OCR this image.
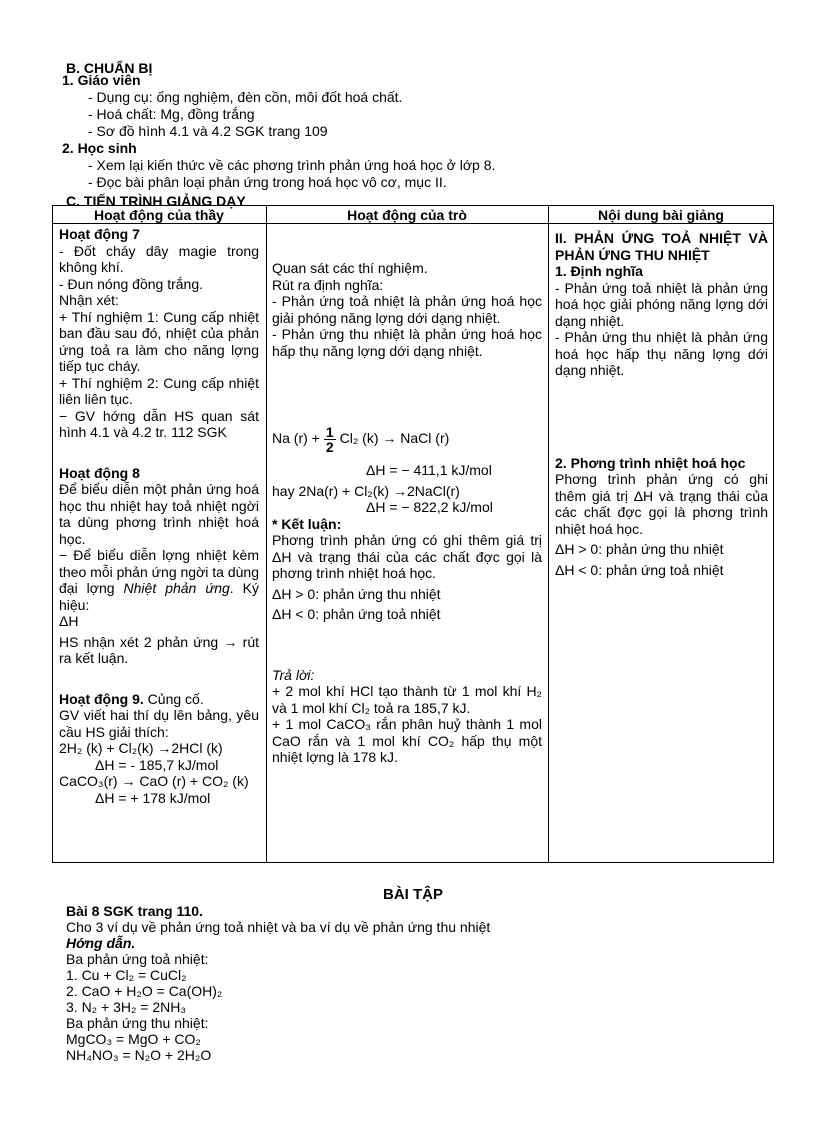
B. CHUẨN BỊ
1. Giáo viên
- Dụng cụ: ống nghiệm, đèn cồn, môi đốt hoá chất.
- Hoá chất: Mg, đồng trắng
- Sơ đồ hình 4.1 và 4.2 SGK trang 109
2. Học sinh
- Xem lại kiến thức về các phơng trình phản ứng hoá học ở lớp 8.
- Đọc bài phân loại phản ứng trong hoá học vô cơ, mục II.
C. TIẾN TRÌNH GIẢNG DẠY
Hoạt động của thầy	Hoạt động của trò	Nội dung bài giảng

Hoạt động 7

- Đốt cháy dây magie trong không khí.

- Đun nóng đồng trắng.

Nhận xét:

+ Thí nghiệm 1: Cung cấp nhiệt ban đầu sau đó, nhiệt của phản ứng toả ra làm cho năng lợng tiếp tục cháy.

+ Thí nghiệm 2: Cung cấp nhiệt liên liên tục.

− GV hớng dẫn HS quan sát hình 4.1 và 4.2 tr. 112 SGK

Hoạt động 8

Để biểu diễn một phản ứng hoá học thu nhiệt hay toả nhiệt ngời ta dùng phơng trình nhiệt hoá học.

− Để biểu diễn lợng nhiệt kèm theo mỗi phản ứng ngời ta dùng đại lợng Nhiệt phản ứng. Ký hiệu:

ΔH

HS nhận xét 2 phản ứng → rút ra kết luận.

Hoạt động 9. Củng cố.

GV viết hai thí dụ lên bảng, yêu cầu HS giải thích:

2H₂ (k) + Cl₂(k) →2HCl (k)

ΔH = - 185,7 kJ/mol

CaCO₃(r) → CaO (r) + CO₂ (k)

ΔH = + 178 kJ/mol

Quan sát các thí nghiệm.

Rút ra định nghĩa:

- Phản ứng toả nhiệt là phản ứng hoá học giải phóng năng lợng dới dạng nhiệt.

- Phản ứng thu nhiệt là phản ứng hoá học hấp thụ năng lợng dới dạng nhiệt.

Na $(r) + \frac{1}{2} Cl_2$ (k) → NaCl (r)

ΔH = − 411,1 kJ/mol

hay 2Na(r) + Cl₂(k) →2NaCl(r)

ΔH = − 822,2 kJ/mol

* Kết luận:

Phơng trình phản ứng có ghi thêm giá trị ΔH và trạng thái của các chất đợc gọi là phơng trình nhiệt hoá học.

ΔH > 0: phản ứng thu nhiệt

ΔH < 0: phản ứng toả nhiệt

Trả lời:

+ 2 mol khí HCl tạo thành từ 1 mol khí H₂ và 1 mol khí Cl₂ toả ra 185,7 kJ.

+ 1 mol CaCO₃ rắn phân huỷ thành 1 mol CaO rắn và 1 mol khí CO₂ hấp thụ một nhiệt lợng là 178 kJ.

II. PHẢN ỨNG TOẢ NHIỆT VÀ PHẢN ỨNG THU NHIỆT

1. Định nghĩa

- Phản ứng toả nhiệt là phản ứng hoá học giải phóng năng lợng dới dạng nhiệt.

- Phản ứng thu nhiệt là phản ứng hoá học hấp thụ năng lợng dới dạng nhiệt.

2. Phơng trình nhiệt hoá học

Phơng trình phản ứng có ghi thêm giá trị ΔH và trạng thái của các chất đợc gọi là phơng trình nhiệt hoá học.

ΔH > 0: phản ứng thu nhiệt

ΔH < 0: phản ứng toả nhiệt

BÀI TẬP
Bài 8 SGK trang 110.
Cho 3 ví dụ về phản ứng toả nhiệt và ba ví dụ về phản ứng thu nhiệt
Hớng dẫn.
Ba phản ứng toả nhiệt:
1. Cu + Cl₂ = CuCl₂
2. CaO + H₂O = Ca(OH)₂
3. N₂ + 3H₂ = 2NH₃
Ba phản ứng thu nhiệt:
MgCO₃ = MgO + CO₂
NH₄NO₃ = N₂O + 2H₂O
